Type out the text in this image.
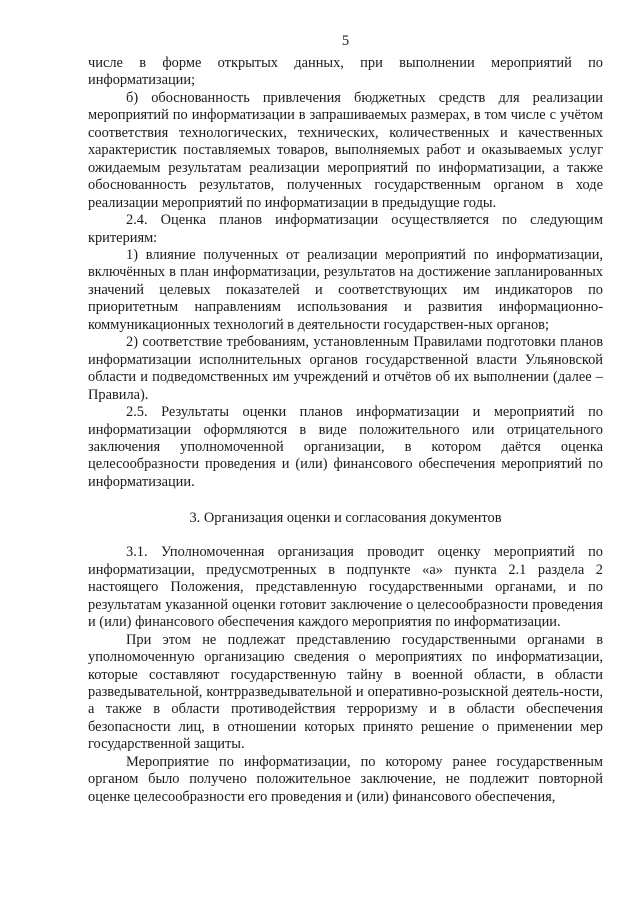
5

числе в форме открытых данных, при выполнении мероприятий по информатизации;

б) обоснованность привлечения бюджетных средств для реализации мероприятий по информатизации в запрашиваемых размерах, в том числе с учётом соответствия технологических, технических, количественных и качественных характеристик поставляемых товаров, выполняемых работ и оказываемых услуг ожидаемым результатам реализации мероприятий по информатизации, а также обоснованность результатов, полученных государственным органом в ходе реализации мероприятий по информатизации в предыдущие годы.

2.4. Оценка планов информатизации осуществляется по следующим критериям:

1) влияние полученных от реализации мероприятий по информатизации, включённых в план информатизации, результатов на достижение запланированных значений целевых показателей и соответствующих им индикаторов по приоритетным направлениям использования и развития информационно-коммуникационных технологий в деятельности государствен-ных органов;

2) соответствие требованиям, установленным Правилами подготовки планов информатизации исполнительных органов государственной власти Ульяновской области и подведомственных им учреждений и отчётов об их выполнении (далее – Правила).

2.5. Результаты оценки планов информатизации и мероприятий по информатизации оформляются в виде положительного или отрицательного заключения уполномоченной организации, в котором даётся оценка целесообразности проведения и (или) финансового обеспечения мероприятий по информатизации.

3. Организация оценки и согласования документов

3.1. Уполномоченная организация проводит оценку мероприятий по информатизации, предусмотренных в подпункте «а» пункта 2.1 раздела 2 настоящего Положения, представленную государственными органами, и по результатам указанной оценки готовит заключение о целесообразности проведения и (или) финансового обеспечения каждого мероприятия по информатизации.

При этом не подлежат представлению государственными органами в уполномоченную организацию сведения о мероприятиях по информатизации, которые составляют государственную тайну в военной области, в области разведывательной, контрразведывательной и оперативно-розыскной деятель-ности, а также в области противодействия терроризму и в области обеспечения безопасности лиц, в отношении которых принято решение о применении мер государственной защиты.

Мероприятие по информатизации, по которому ранее государственным органом было получено положительное заключение, не подлежит повторной оценке целесообразности его проведения и (или) финансового обеспечения,
